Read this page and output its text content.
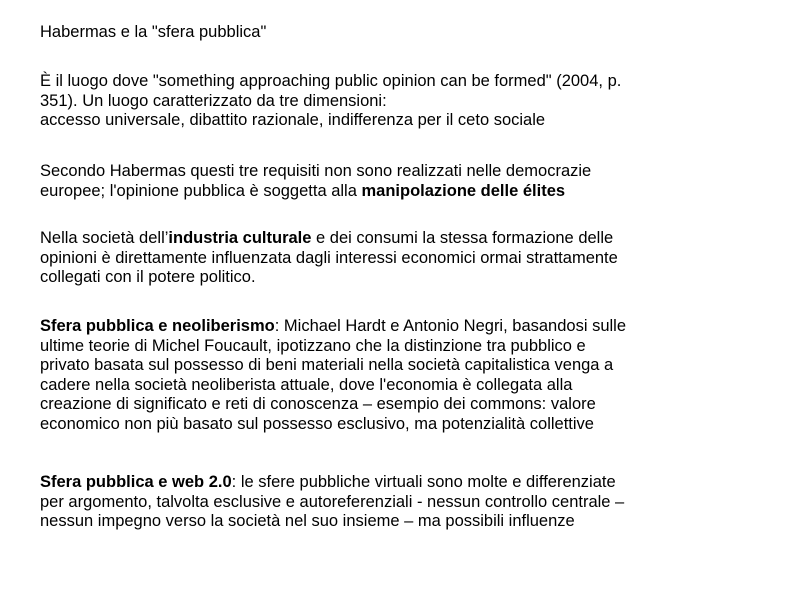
Habermas e la "sfera pubblica"
È il luogo dove "something approaching public opinion can be formed" (2004, p.
351). Un luogo caratterizzato da tre dimensioni:
accesso universale, dibattito razionale, indifferenza per il ceto sociale
Secondo Habermas questi tre requisiti non sono realizzati nelle democrazie
europee; l'opinione pubblica è soggetta alla manipolazione delle élites
Nella società dell’industria culturale e dei consumi la stessa formazione delle
opinioni è direttamente influenzata dagli interessi economici ormai strattamente
collegati con il potere politico.
Sfera pubblica e neoliberismo: Michael Hardt e Antonio Negri, basandosi sulle
ultime teorie di Michel Foucault, ipotizzano che la distinzione tra pubblico e
privato basata sul possesso di beni materiali nella società capitalistica venga a
cadere nella società neoliberista attuale, dove l'economia è collegata alla
creazione di significato e reti di conoscenza – esempio dei commons: valore
economico non più basato sul possesso esclusivo, ma potenzialità collettive
Sfera pubblica e web 2.0: le sfere pubbliche virtuali sono molte e differenziate
per argomento, talvolta esclusive e autoreferenziali - nessun controllo centrale –
nessun impegno verso la società nel suo insieme – ma possibili influenze
